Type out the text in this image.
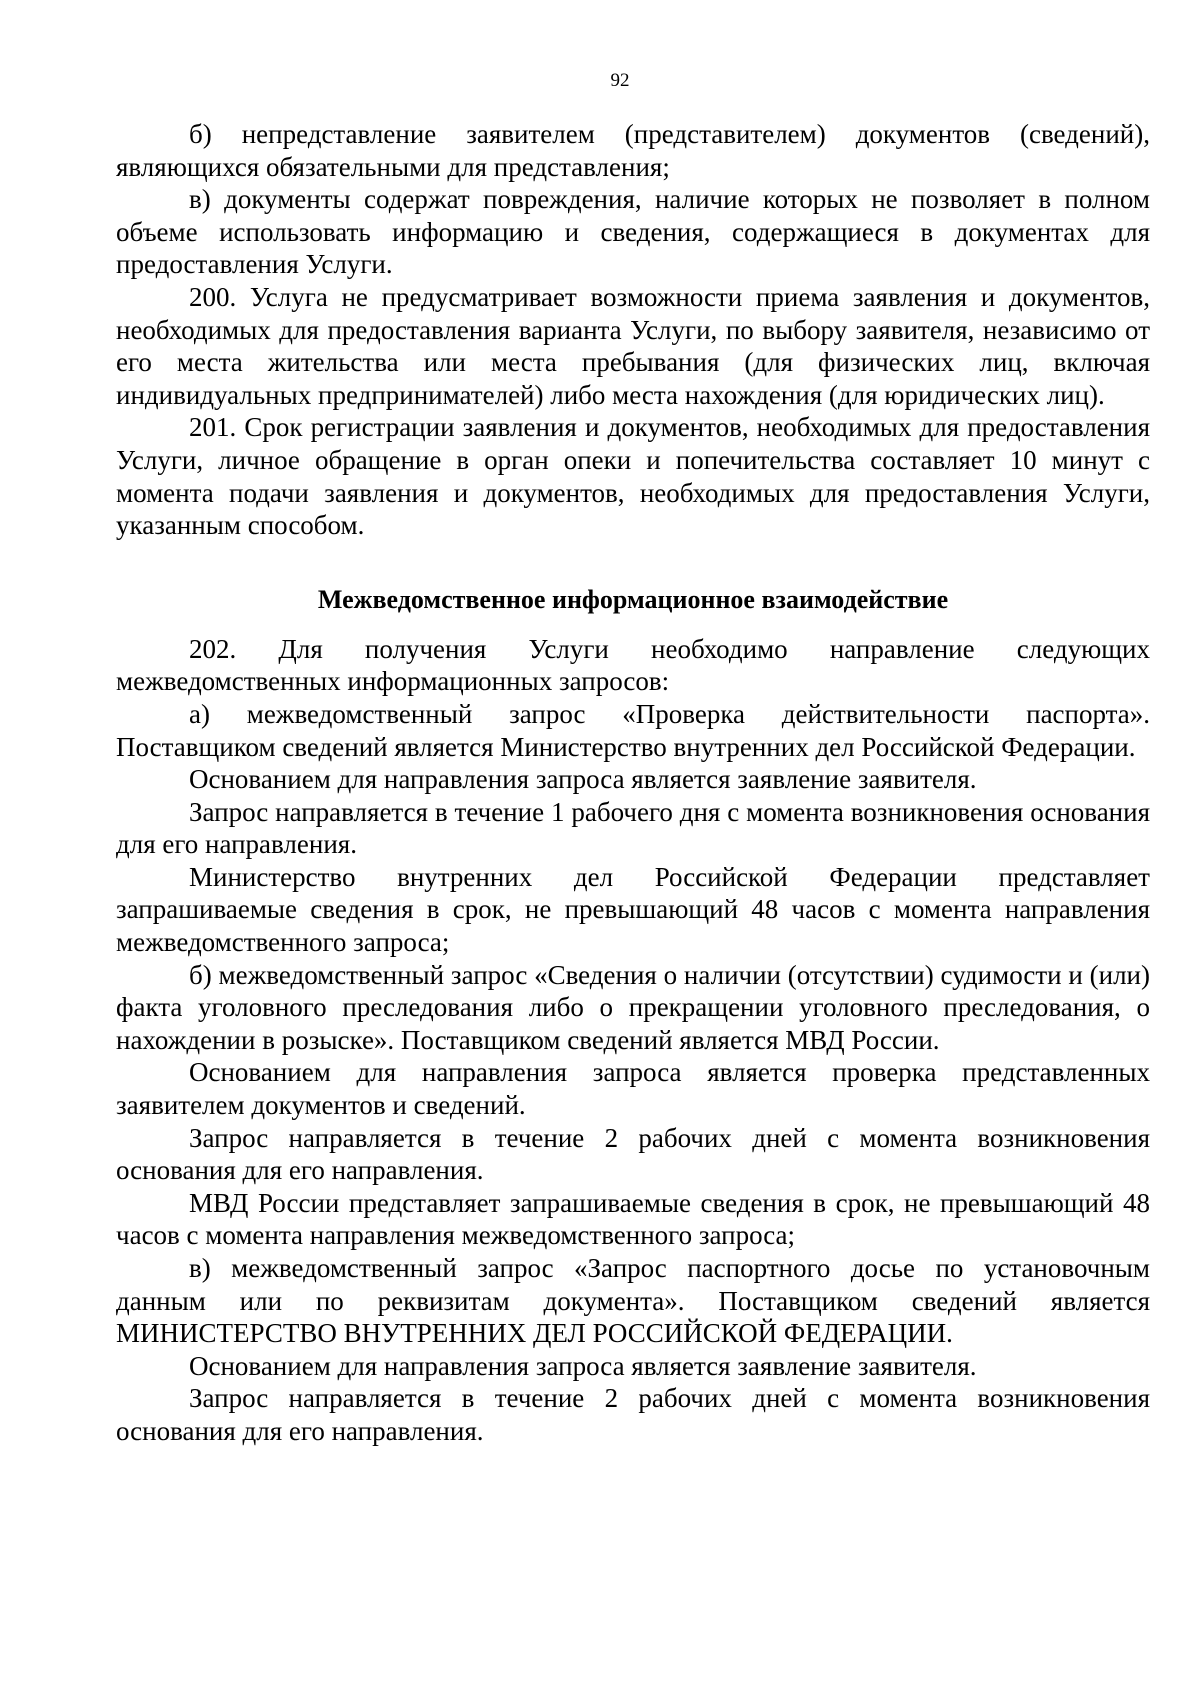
92

б) непредставление заявителем (представителем) документов (сведений), являющихся обязательными для представления;

в) документы содержат повреждения, наличие которых не позволяет в полном объеме использовать информацию и сведения, содержащиеся в документах для предоставления Услуги.

200. Услуга не предусматривает возможности приема заявления и документов, необходимых для предоставления варианта Услуги, по выбору заявителя, независимо от его места жительства или места пребывания (для физических лиц, включая индивидуальных предпринимателей) либо места нахождения (для юридических лиц).

201. Срок регистрации заявления и документов, необходимых для предоставления Услуги, личное обращение в орган опеки и попечительства составляет 10 минут с момента подачи заявления и документов, необходимых для предоставления Услуги, указанным способом.

Межведомственное информационное взаимодействие

202. Для получения Услуги необходимо направление следующих межведомственных информационных запросов:

а) межведомственный запрос «Проверка действительности паспорта». Поставщиком сведений является Министерство внутренних дел Российской Федерации.

Основанием для направления запроса является заявление заявителя.

Запрос направляется в течение 1 рабочего дня с момента возникновения основания для его направления.

Министерство внутренних дел Российской Федерации представляет запрашиваемые сведения в срок, не превышающий 48 часов с момента направления межведомственного запроса;

б) межведомственный запрос «Сведения о наличии (отсутствии) судимости и (или) факта уголовного преследования либо о прекращении уголовного преследования, о нахождении в розыске». Поставщиком сведений является МВД России.

Основанием для направления запроса является проверка представленных заявителем документов и сведений.

Запрос направляется в течение 2 рабочих дней с момента возникновения основания для его направления.

МВД России представляет запрашиваемые сведения в срок, не превышающий 48 часов с момента направления межведомственного запроса;

в) межведомственный запрос «Запрос паспортного досье по установочным данным или по реквизитам документа». Поставщиком сведений является МИНИСТЕРСТВО ВНУТРЕННИХ ДЕЛ РОССИЙСКОЙ ФЕДЕРАЦИИ.

Основанием для направления запроса является заявление заявителя.

Запрос направляется в течение 2 рабочих дней с момента возникновения основания для его направления.
